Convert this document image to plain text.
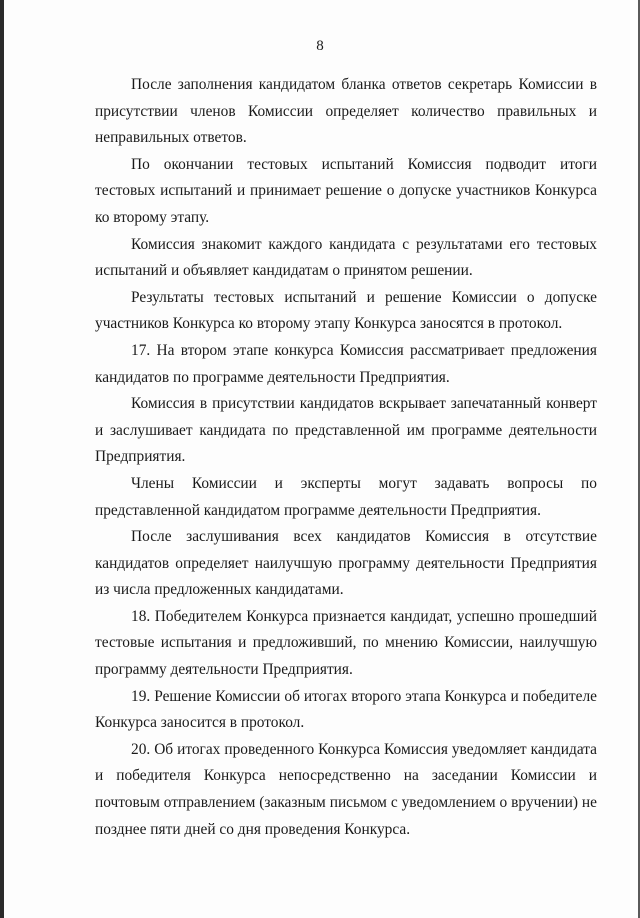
8

После заполнения кандидатом бланка ответов секретарь Комиссии в присутствии членов Комиссии определяет количество правильных и неправильных ответов.

По окончании тестовых испытаний Комиссия подводит итоги тестовых испытаний и принимает решение о допуске участников Конкурса ко второму этапу.

Комиссия знакомит каждого кандидата с результатами его тестовых испытаний и объявляет кандидатам о принятом решении.

Результаты тестовых испытаний и решение Комиссии о допуске участников Конкурса ко второму этапу Конкурса заносятся в протокол.

17. На втором этапе конкурса Комиссия рассматривает предложения кандидатов по программе деятельности Предприятия.

Комиссия в присутствии кандидатов вскрывает запечатанный конверт и заслушивает кандидата по представленной им программе деятельности Предприятия.

Члены Комиссии и эксперты могут задавать вопросы по представленной кандидатом программе деятельности Предприятия.

После заслушивания всех кандидатов Комиссия в отсутствие кандидатов определяет наилучшую программу деятельности Предприятия из числа предложенных кандидатами.

18. Победителем Конкурса признается кандидат, успешно прошедший тестовые испытания и предложивший, по мнению Комиссии, наилучшую программу деятельности Предприятия.

19. Решение Комиссии об итогах второго этапа Конкурса и победителе Конкурса заносится в протокол.

20. Об итогах проведенного Конкурса Комиссия уведомляет кандидата и победителя Конкурса непосредственно на заседании Комиссии и почтовым отправлением (заказным письмом с уведомлением о вручении) не позднее пяти дней со дня проведения Конкурса.
